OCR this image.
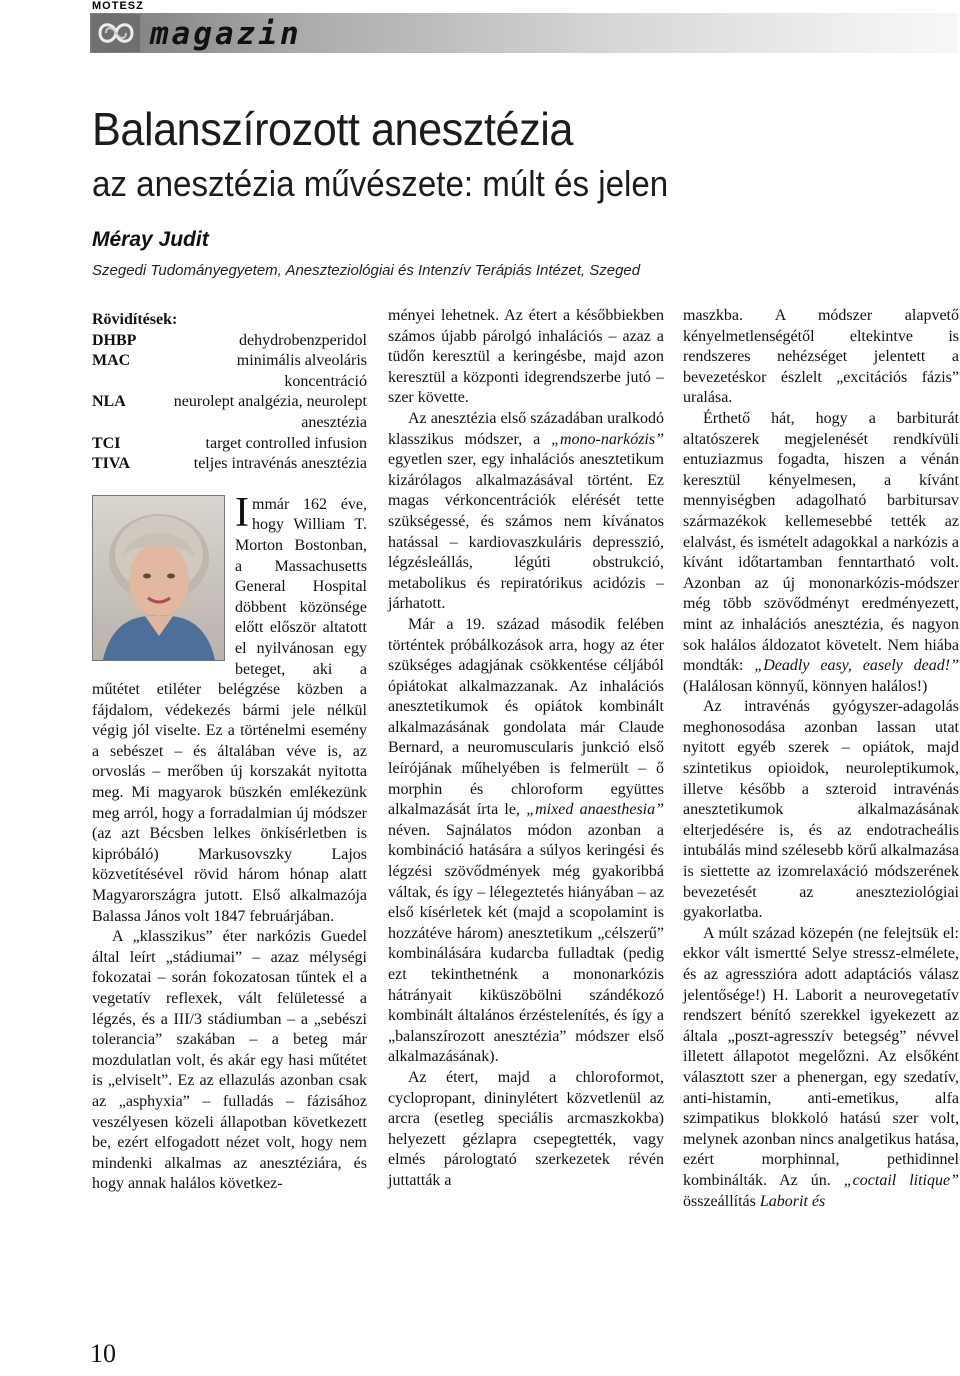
MOTESZ
magazin
Balanszírozott anesztézia
az anesztézia művészete: múlt és jelen
Méray Judit
Szegedi Tudományegyetem, Aneszteziológiai és Intenzív Terápiás Intézet, Szeged
Rövidítések:
DHBP	dehydrobenzperidol
MAC	minimális alveoláris koncentráció
NLA	neurolept analgézia, neurolept anesztézia
TCI	target controlled infusion
TIVA	teljes intravénás anesztézia

Immár 162 éve, hogy William T. Morton Bostonban, a Massachusetts General Hospital döbbent közönsége előtt először altatott el nyilvánosan egy beteget, aki a műtétet etiléter belégzése közben a fájdalom, védekezés bármi jele nélkül végig jól viselte. Ez a történelmi esemény a sebészet – és általában véve is, az orvoslás – merőben új korszakát nyitotta meg. Mi magyarok büszkén emlékezünk meg arról, hogy a forradalmian új módszer (az azt Bécsben lelkes önkísérletben is kipróbáló) Markusovszky Lajos közvetítésével rövid három hónap alatt Magyarországra jutott. Első alkalmazója Balassa János volt 1847 februárjában.

A „klasszikus” éter narkózis Guedel által leírt „stádiumai” – azaz mélységi fokozatai – során fokozatosan tűntek el a vegetatív reflexek, vált felületessé a légzés, és a III/3 stádiumban – a „sebészi tolerancia” szakában – a beteg már mozdulatlan volt, és akár egy hasi műtétet is „elviselt”. Ez az ellazulás azonban csak az „asphyxia” – fulladás – fázisához veszélyesen közeli állapotban következett be, ezért elfogadott nézet volt, hogy nem mindenki alkalmas az anesztéziára, és hogy annak halálos következ-

ményei lehetnek. Az étert a későbbiekben számos újabb párolgó inhalációs – azaz a tüdőn keresztül a keringésbe, majd azon keresztül a központi idegrendszerbe jutó – szer követte.

Az anesztézia első századában uralkodó klasszikus módszer, a „mono-narkózis” egyetlen szer, egy inhalációs anesztetikum kizárólagos alkalmazásával történt. Ez magas vérkoncentrációk elérését tette szükségessé, és számos nem kívánatos hatással – kardiovaszkuláris depresszió, légzésleállás, légúti obstrukció, metabolikus és repiratórikus acidózis – járhatott.

Már a 19. század második felében történtek próbálkozások arra, hogy az éter szükséges adagjának csökkentése céljából ópiátokat alkalmazzanak. Az inhalációs anesztetikumok és opiátok kombinált alkalmazásának gondolata már Claude Bernard, a neuromuscularis junkció első leírójának műhelyében is felmerült – ő morphin és chloroform együttes alkalmazását írta le, „mixed anaesthesia” néven. Sajnálatos módon azonban a kombináció hatására a súlyos keringési és légzési szövődmények még gyakoribbá váltak, és így – lélegeztetés hiányában – az első kísérletek két (majd a scopolamint is hozzátéve három) anesztetikum „célszerű” kombinálására kudarcba fulladtak (pedig ezt tekinthetnénk a mononarkózis hátrányait kiküszöbölni szándékozó kombinált általános érzéstelenítés, és így a „balanszírozott anesztézia” módszer első alkalmazásának).

Az étert, majd a chloroformot, cyclopropant, dininylétert közvetlenül az arcra (esetleg speciális arcmaszkokba) helyezett gézlapra csepegtették, vagy elmés párologtató szerkezetek révén juttatták a

maszkba. A módszer alapvető kényelmetlenségétől eltekintve is rendszeres nehézséget jelentett a bevezetéskor észlelt „excitációs fázis” uralása.

Érthető hát, hogy a barbiturát altatószerek megjelenését rendkívüli entuziazmus fogadta, hiszen a vénán keresztül kényelmesen, a kívánt mennyiségben adagolható barbitursav származékok kellemesebbé tették az elalvást, és ismételt adagokkal a narkózis a kívánt időtartamban fenntartható volt. Azonban az új mononarkózis-módszer még több szövődményt eredményezett, mint az inhalációs anesztézia, és nagyon sok halálos áldozatot követelt. Nem hiába mondták: „Deadly easy, easely dead!” (Halálosan könnyű, könnyen halálos!)

Az intravénás gyógyszer-adagolás meghonosodása azonban lassan utat nyitott egyéb szerek – opiátok, majd szintetikus opioidok, neuroleptikumok, illetve később a szteroid intravénás anesztetikumok alkalmazásának elterjedésére is, és az endotracheális intubálás mind szélesebb körű alkalmazása is siettette az izomrelaxáció módszerének bevezetését az aneszteziológiai gyakorlatba.

A múlt század közepén (ne felejtsük el: ekkor vált ismertté Selye stressz-elmélete, és az agresszióra adott adaptációs válasz jelentősége!) H. Laborit a neurovegetatív rendszert bénító szerekkel igyekezett az általa „poszt-agresszív betegség” névvel illetett állapotot megelőzni. Az elsőként választott szer a phenergan, egy szedatív, anti-histamin, anti-emetikus, alfa szimpatikus blokkoló hatású szer volt, melynek azonban nincs analgetikus hatása, ezért morphinnal, pethidinnel kombinálták. Az ún. „coctail litique” összeállítás Laborit és

10
